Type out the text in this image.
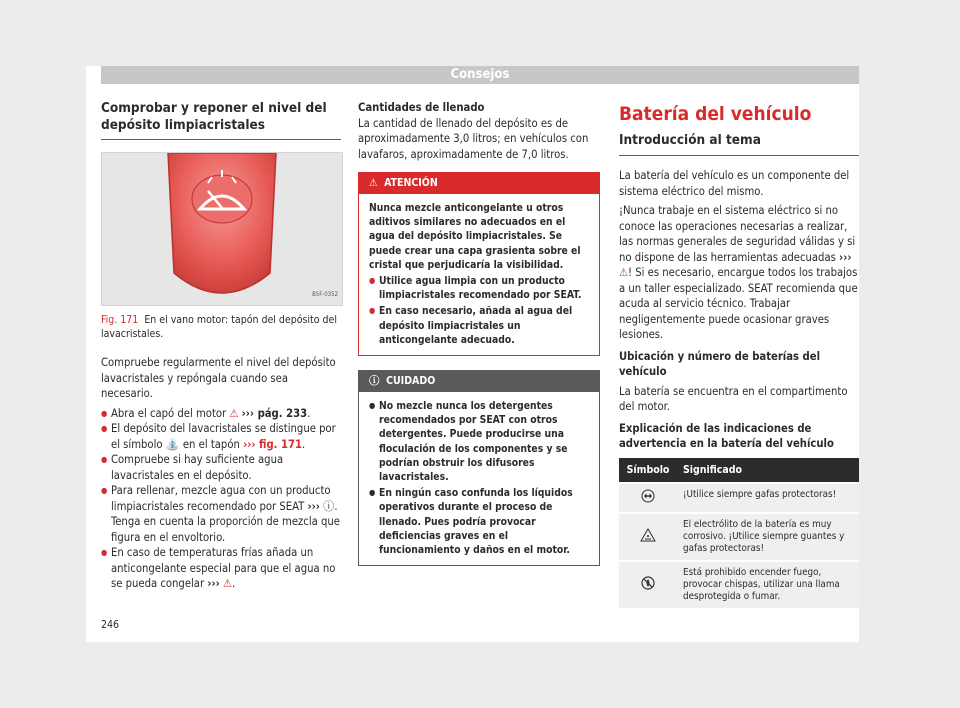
Consejos
Comprobar y reponer el nivel del depósito limpiacristales
B5F-0352
Fig. 171 En el vano motor: tapón del depósito del lavacristales.

Compruebe regularmente el nivel del depósito lavacristales y repóngala cuando sea necesario.

● Abra el capó del motor ⚠ ››› pág. 233.
● El depósito del lavacristales se distingue por el símbolo ⛲ en el tapón ››› fig. 171.
● Compruebe si hay suficiente agua lavacristales en el depósito.
● Para rellenar, mezcle agua con un producto limpiacristales recomendado por SEAT ››› ⓘ. Tenga en cuenta la proporción de mezcla que figura en el envoltorio.
● En caso de temperaturas frías añada un anticongelante especial para que el agua no se pueda congelar ››› ⚠.
Cantidades de llenado

La cantidad de llenado del depósito es de aproximadamente 3,0 litros; en vehículos con lavafaros, aproximadamente de 7,0 litros.

⚠ ATENCIÓN

Nunca mezcle anticongelante u otros aditivos similares no adecuados en el agua del depósito limpiacristales. Se puede crear una capa grasienta sobre el cristal que perjudicaría la visibilidad.

● Utilice agua limpia con un producto limpiacristales recomendado por SEAT.
● En caso necesario, añada al agua del depósito limpiacristales un anticongelante adecuado.
ⓘ CUIDADO
● No mezcle nunca los detergentes recomendados por SEAT con otros detergentes. Puede producirse una floculación de los componentes y se podrían obstruir los difusores lavacristales.
● En ningún caso confunda los líquidos operativos durante el proceso de llenado. Pues podría provocar deficiencias graves en el funcionamiento y daños en el motor.
Batería del vehículo
Introducción al tema

La batería del vehículo es un componente del sistema eléctrico del mismo.

¡Nunca trabaje en el sistema eléctrico si no conoce las operaciones necesarias a realizar, las normas generales de seguridad válidas y si no dispone de las herramientas adecuadas ››› ⚠! Si es necesario, encargue todos los trabajos a un taller especializado. SEAT recomienda que acuda al servicio técnico. Trabajar negligentemente puede ocasionar graves lesiones.

Ubicación y número de baterías del vehículo

La batería se encuentra en el compartimento del motor.

Explicación de las indicaciones de advertencia en la batería del vehículo
Símbolo	Significado
	¡Utilice siempre gafas protectoras!
	El electrólito de la batería es muy corrosivo. ¡Utilice siempre guantes y gafas protectoras!
	Está prohibido encender fuego, provocar chispas, utilizar una llama desprotegida o fumar.
246
